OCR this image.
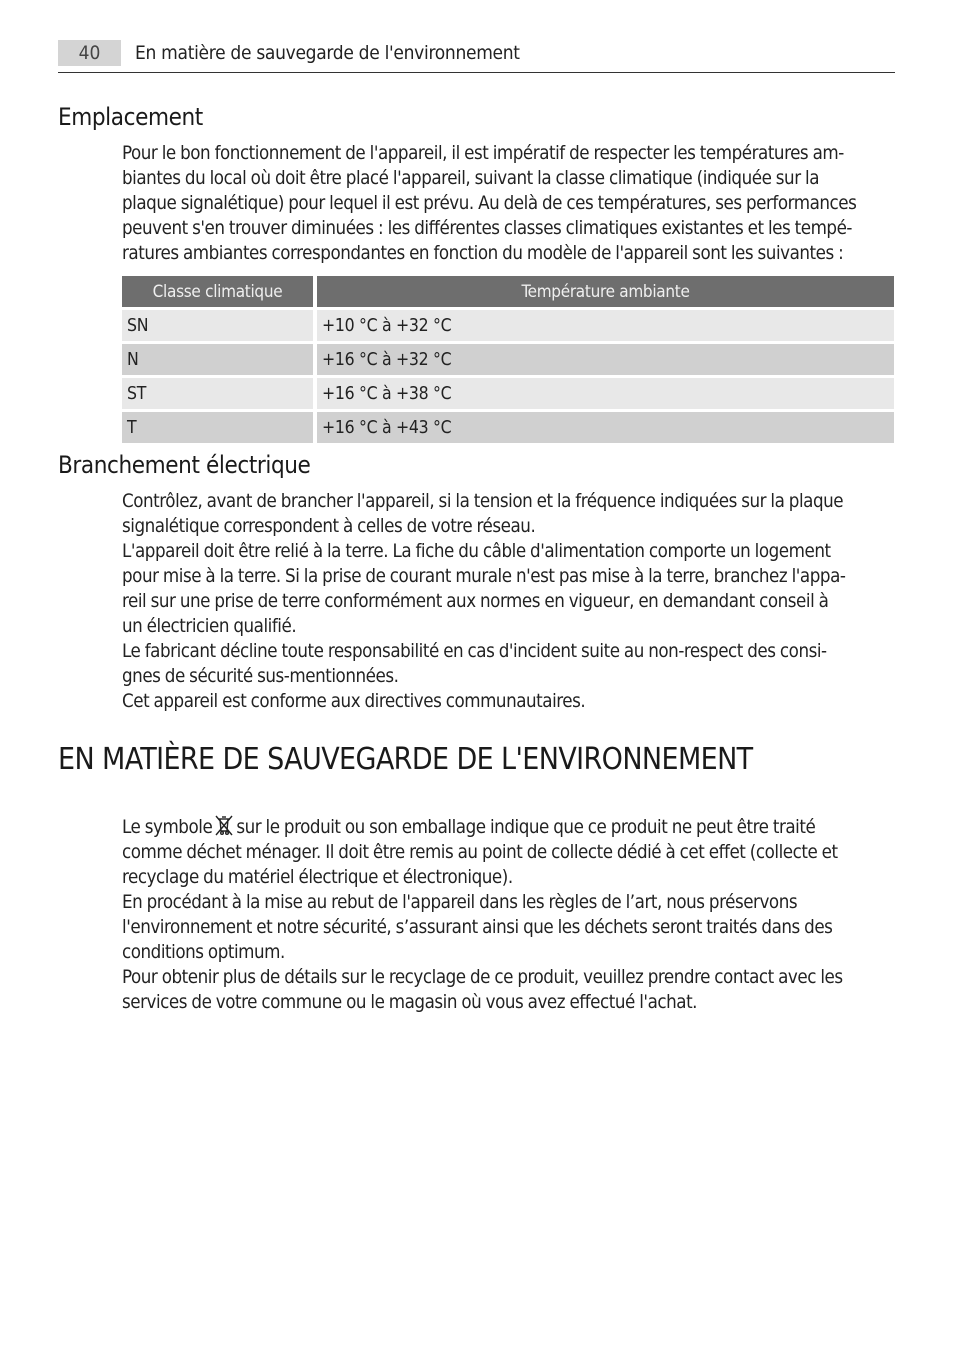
40	En matière de sauvegarde de l'environnement
Emplacement

Pour le bon fonctionnement de l'appareil, il est impératif de respecter les températures am-

biantes du local où doit être placé l'appareil, suivant la classe climatique (indiquée sur la

plaque signalétique) pour lequel il est prévu. Au delà de ces températures, ses performances

peuvent s'en trouver diminuées : les différentes classes climatiques existantes et les tempé-

ratures ambiantes correspondantes en fonction du modèle de l'appareil sont les suivantes :

Classe climatique	Température ambiante
SN	+10 °C à +32 °C
N	+16 °C à +32 °C
ST	+16 °C à +38 °C
T	+16 °C à +43 °C
Branchement électrique

Contrôlez, avant de brancher l'appareil, si la tension et la fréquence indiquées sur la plaque

signalétique correspondent à celles de votre réseau.

L'appareil doit être relié à la terre. La fiche du câble d'alimentation comporte un logement

pour mise à la terre. Si la prise de courant murale n'est pas mise à la terre, branchez l'appa-

reil sur une prise de terre conformément aux normes en vigueur, en demandant conseil à

un électricien qualifié.

Le fabricant décline toute responsabilité en cas d'incident suite au non-respect des consi-

gnes de sécurité sus-mentionnées.

Cet appareil est conforme aux directives communautaires.

EN MATIÈRE DE SAUVEGARDE DE L'ENVIRONNEMENT

Le symbole sur le produit ou son emballage indique que ce produit ne peut être traité

comme déchet ménager. Il doit être remis au point de collecte dédié à cet effet (collecte et

recyclage du matériel électrique et électronique).

En procédant à la mise au rebut de l'appareil dans les règles de l’art, nous préservons

l'environnement et notre sécurité, s’assurant ainsi que les déchets seront traités dans des

conditions optimum.

Pour obtenir plus de détails sur le recyclage de ce produit, veuillez prendre contact avec les

services de votre commune ou le magasin où vous avez effectué l'achat.
